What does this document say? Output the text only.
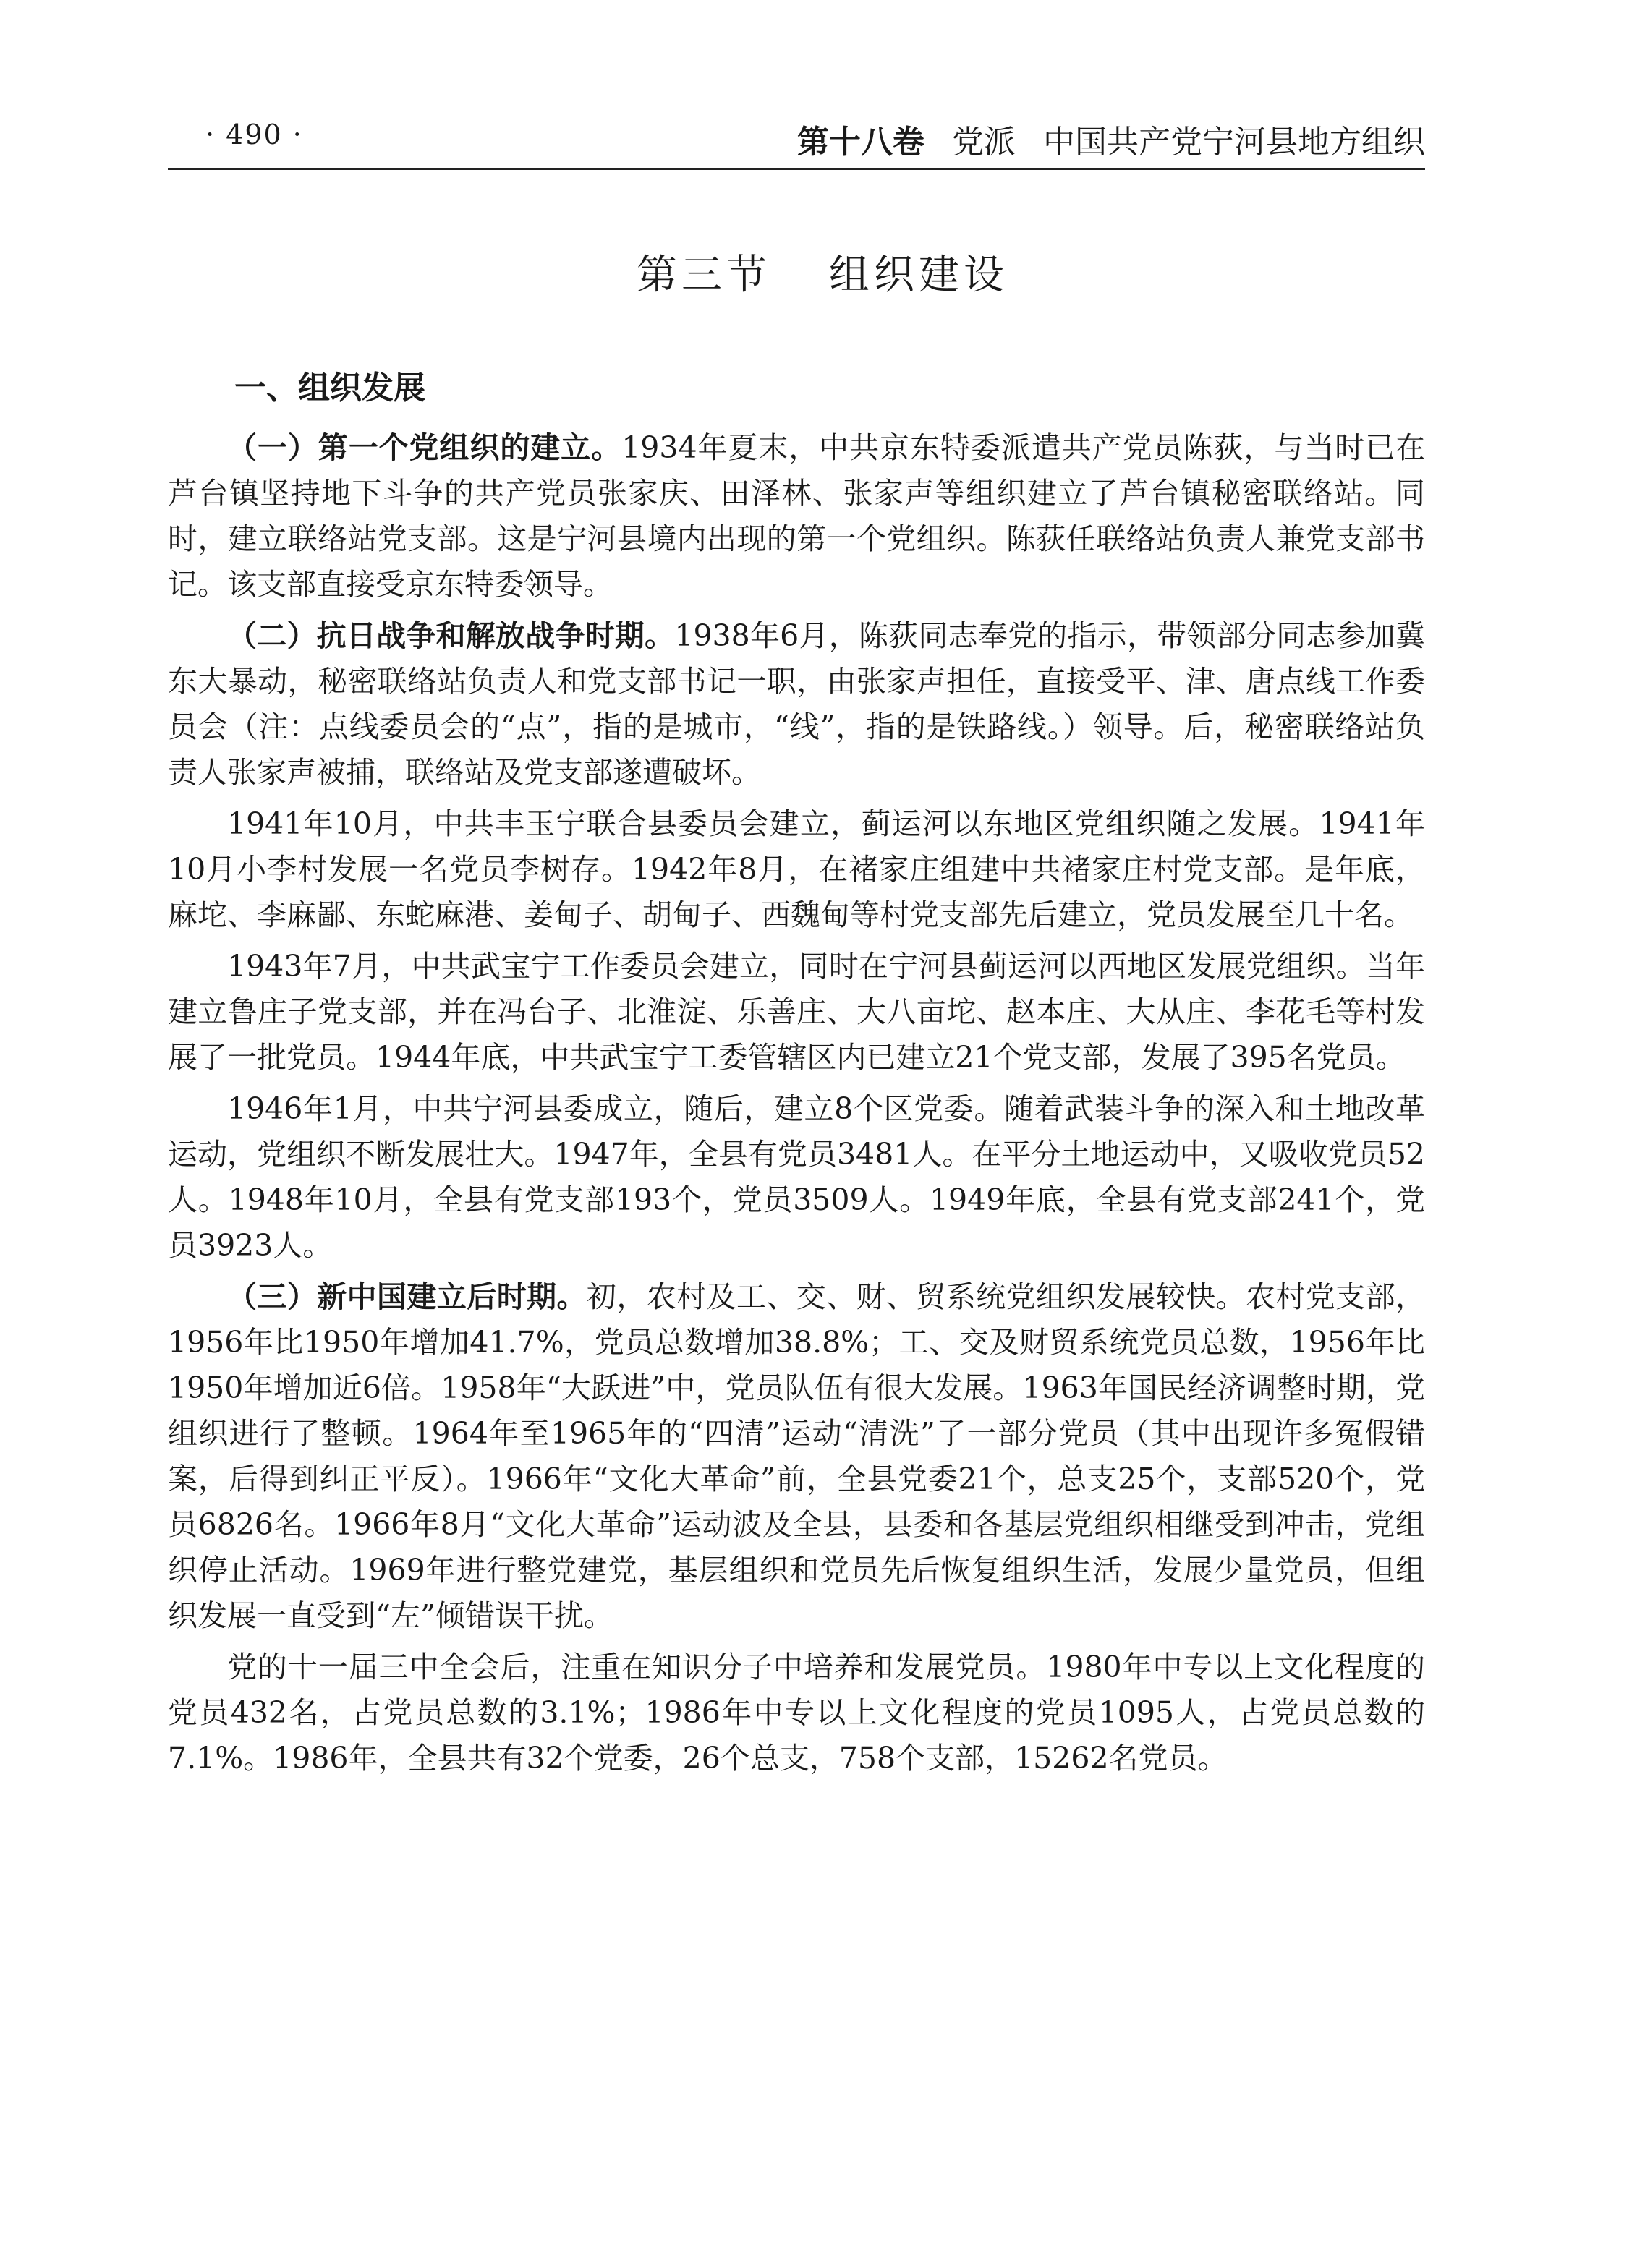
· 490 ·	第十八卷 党派 中国共产党宁河县地方组织
第三节 组织建设
一、组织发展

（一）第一个党组织的建立。1934年夏末，中共京东特委派遣共产党员陈荻，与当时已在芦台镇坚持地下斗争的共产党员张家庆、田泽林、张家声等组织建立了芦台镇秘密联络站。同时，建立联络站党支部。这是宁河县境内出现的第一个党组织。陈荻任联络站负责人兼党支部书记。该支部直接受京东特委领导。

（二）抗日战争和解放战争时期。1938年6月，陈荻同志奉党的指示，带领部分同志参加冀东大暴动，秘密联络站负责人和党支部书记一职，由张家声担任，直接受平、津、唐点线工作委员会（注：点线委员会的“点”，指的是城市，“线”，指的是铁路线。）领导。后，秘密联络站负责人张家声被捕，联络站及党支部遂遭破坏。

1941年10月，中共丰玉宁联合县委员会建立，蓟运河以东地区党组织随之发展。1941年10月小李村发展一名党员李树存。1942年8月，在褚家庄组建中共褚家庄村党支部。是年底，麻坨、李麻鄙、东蛇麻港、姜甸子、胡甸子、西魏甸等村党支部先后建立，党员发展至几十名。

1943年7月，中共武宝宁工作委员会建立，同时在宁河县蓟运河以西地区发展党组织。当年建立鲁庄子党支部，并在冯台子、北淮淀、乐善庄、大八亩坨、赵本庄、大从庄、李花毛等村发展了一批党员。1944年底，中共武宝宁工委管辖区内已建立21个党支部，发展了395名党员。

1946年1月，中共宁河县委成立，随后，建立8个区党委。随着武装斗争的深入和土地改革运动，党组织不断发展壮大。1947年，全县有党员3481人。在平分土地运动中，又吸收党员52人。1948年10月，全县有党支部193个，党员3509人。1949年底，全县有党支部241个，党员3923人。

（三）新中国建立后时期。初，农村及工、交、财、贸系统党组织发展较快。农村党支部，1956年比1950年增加41.7%，党员总数增加38.8%；工、交及财贸系统党员总数，1956年比1950年增加近6倍。1958年“大跃进”中，党员队伍有很大发展。1963年国民经济调整时期，党组织进行了整顿。1964年至1965年的“四清”运动“清洗”了一部分党员（其中出现许多冤假错案，后得到纠正平反）。1966年“文化大革命”前，全县党委21个，总支25个，支部520个，党员6826名。1966年8月“文化大革命”运动波及全县，县委和各基层党组织相继受到冲击，党组织停止活动。1969年进行整党建党，基层组织和党员先后恢复组织生活，发展少量党员，但组织发展一直受到“左”倾错误干扰。

党的十一届三中全会后，注重在知识分子中培养和发展党员。1980年中专以上文化程度的党员432名，占党员总数的3.1%；1986年中专以上文化程度的党员1095人，占党员总数的7.1%。1986年，全县共有32个党委，26个总支，758个支部，15262名党员。
